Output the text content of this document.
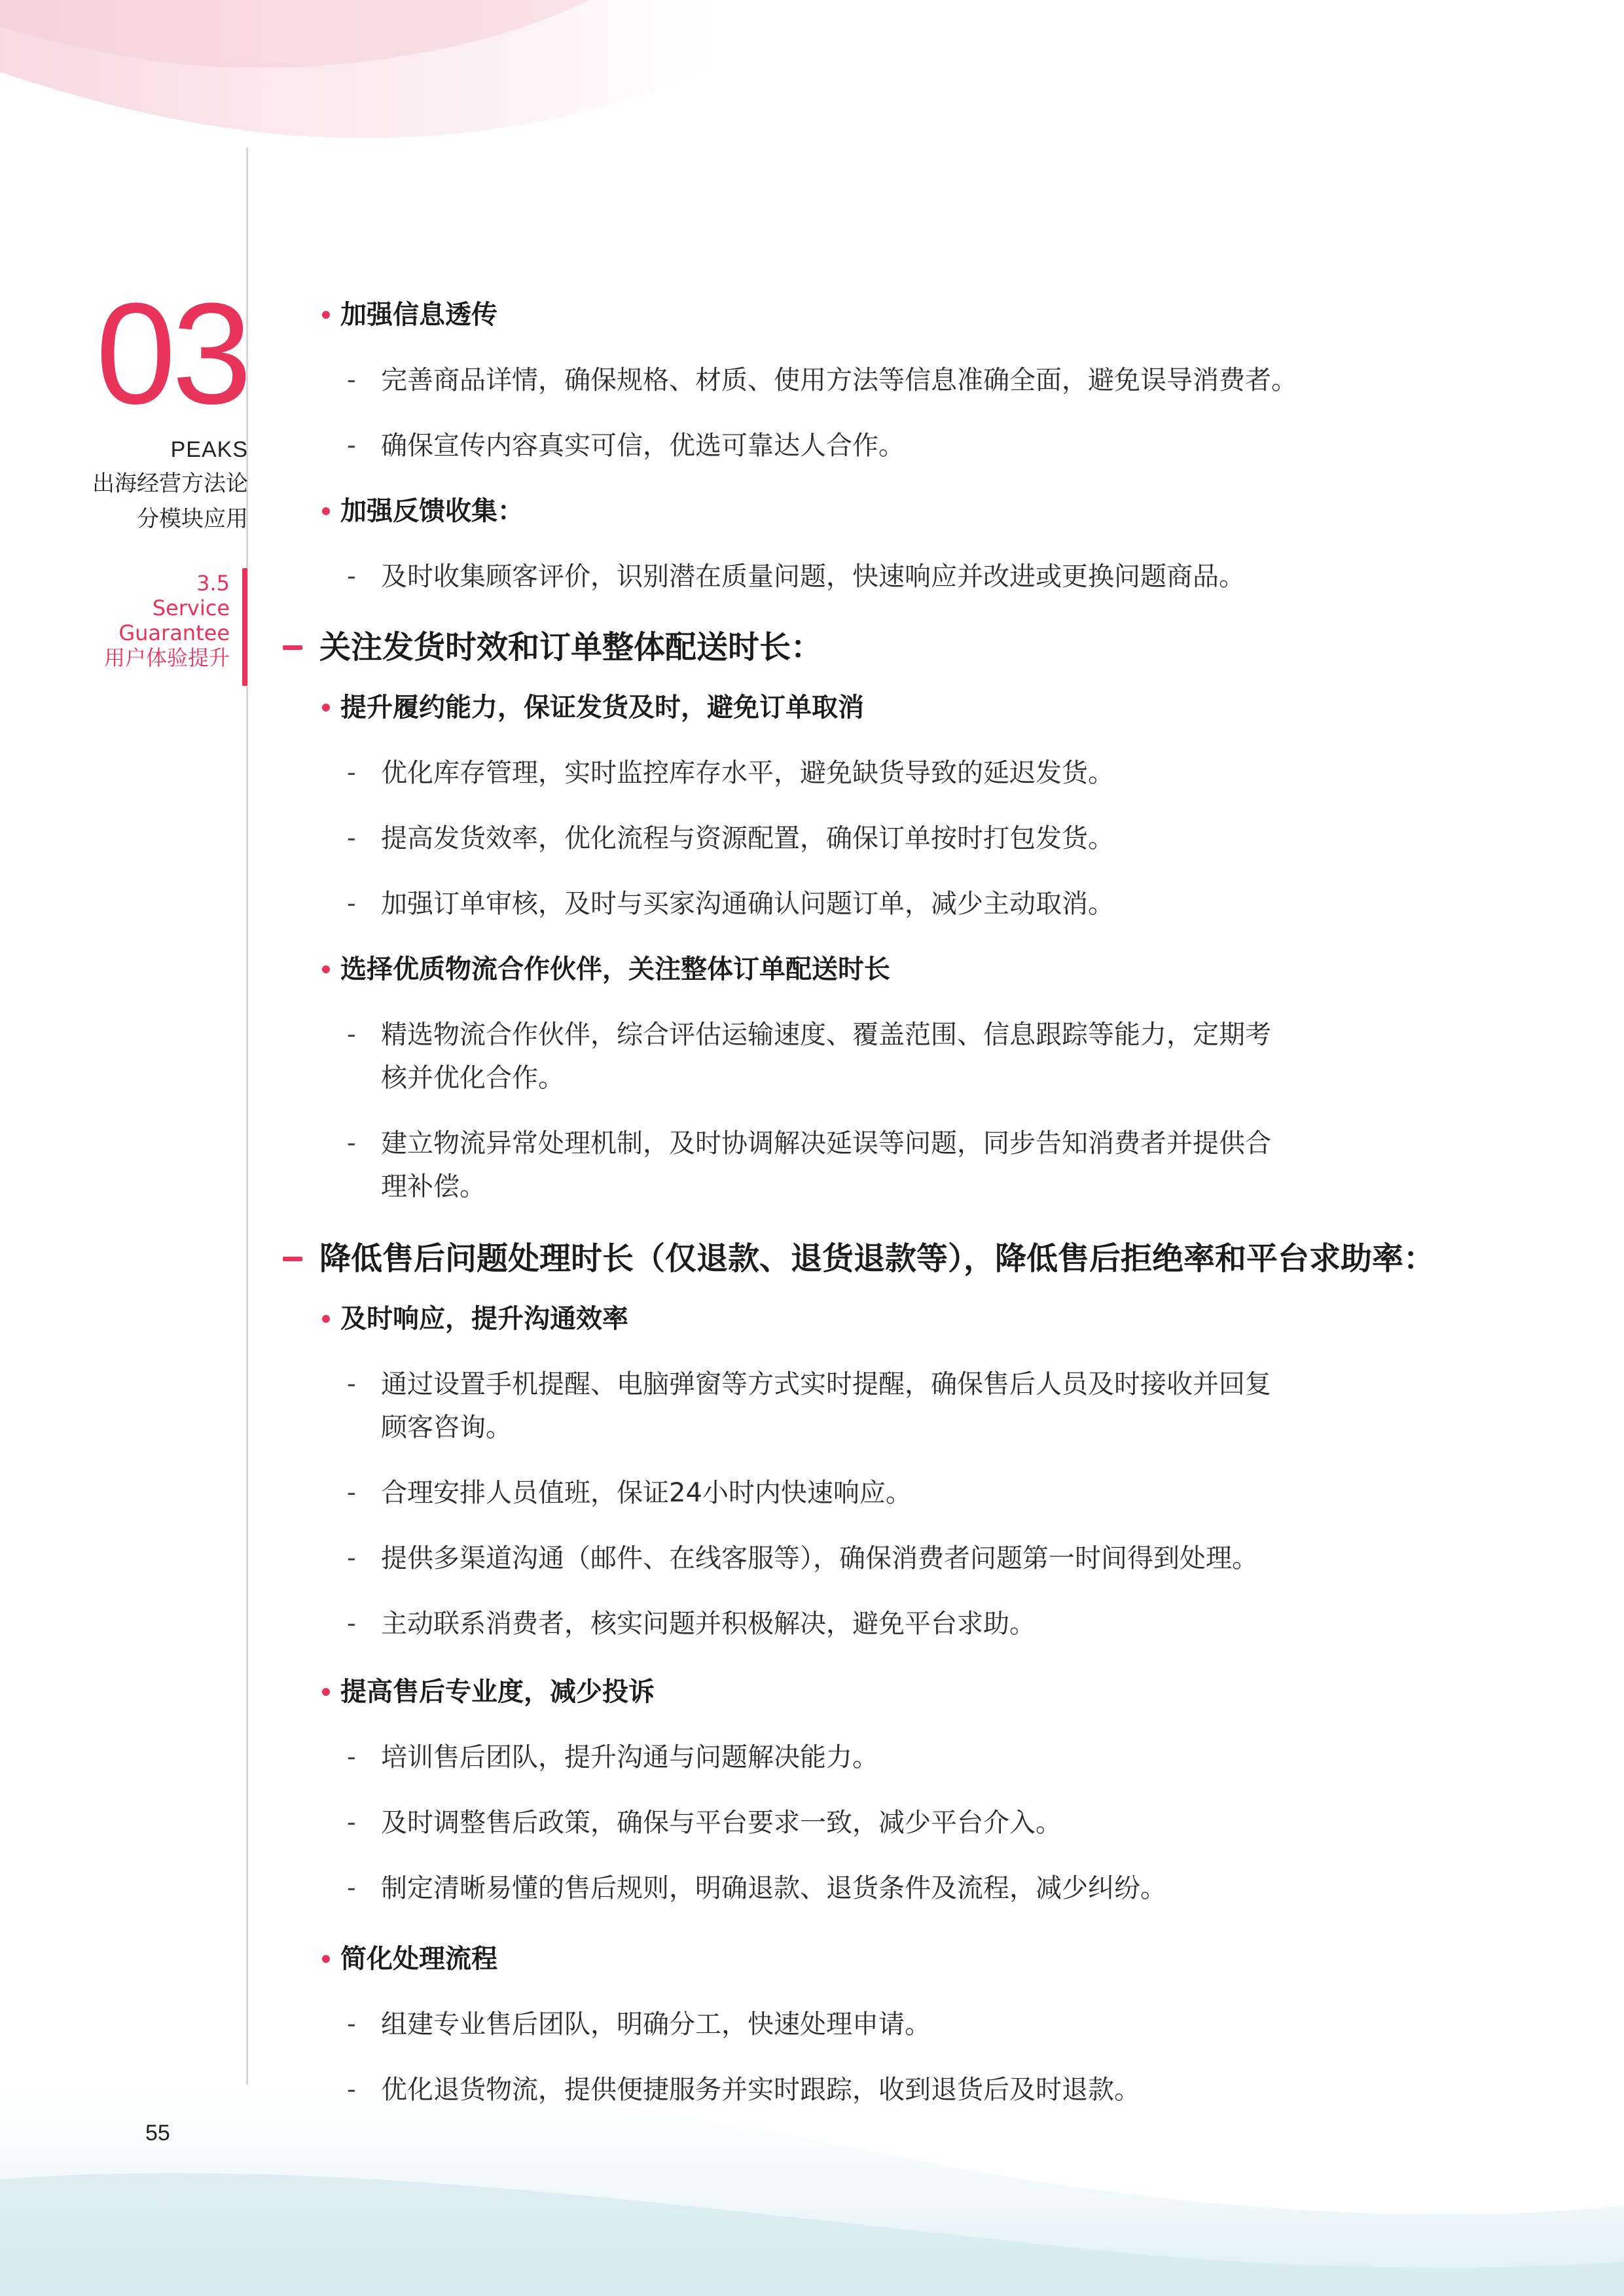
03
PEAKS
出海经营方法论
分模块应用
3.5
Service
Guarantee
用户体验提升
加强信息透传
- 完善商品详情，确保规格、材质、使用方法等信息准确全面，避免误导消费者。
- 确保宣传内容真实可信，优选可靠达人合作。
加强反馈收集：
- 及时收集顾客评价，识别潜在质量问题，快速响应并改进或更换问题商品。
关注发货时效和订单整体配送时长：
提升履约能力，保证发货及时，避免订单取消
- 优化库存管理，实时监控库存水平，避免缺货导致的延迟发货。
- 提高发货效率，优化流程与资源配置，确保订单按时打包发货。
- 加强订单审核，及时与买家沟通确认问题订单，减少主动取消。
选择优质物流合作伙伴，关注整体订单配送时长
- 精选物流合作伙伴，综合评估运输速度、覆盖范围、信息跟踪等能力，定期考
核并优化合作。
- 建立物流异常处理机制，及时协调解决延误等问题，同步告知消费者并提供合
理补偿。
降低售后问题处理时长（仅退款、退货退款等），降低售后拒绝率和平台求助率：
及时响应，提升沟通效率
- 通过设置手机提醒、电脑弹窗等方式实时提醒，确保售后人员及时接收并回复
顾客咨询。
- 合理安排人员值班，保证24小时内快速响应。
- 提供多渠道沟通（邮件、在线客服等），确保消费者问题第一时间得到处理。
- 主动联系消费者，核实问题并积极解决，避免平台求助。
提高售后专业度，减少投诉
- 培训售后团队，提升沟通与问题解决能力。
- 及时调整售后政策，确保与平台要求一致，减少平台介入。
- 制定清晰易懂的售后规则，明确退款、退货条件及流程，减少纠纷。
简化处理流程
- 组建专业售后团队，明确分工，快速处理申请。
- 优化退货物流，提供便捷服务并实时跟踪，收到退货后及时退款。
55
